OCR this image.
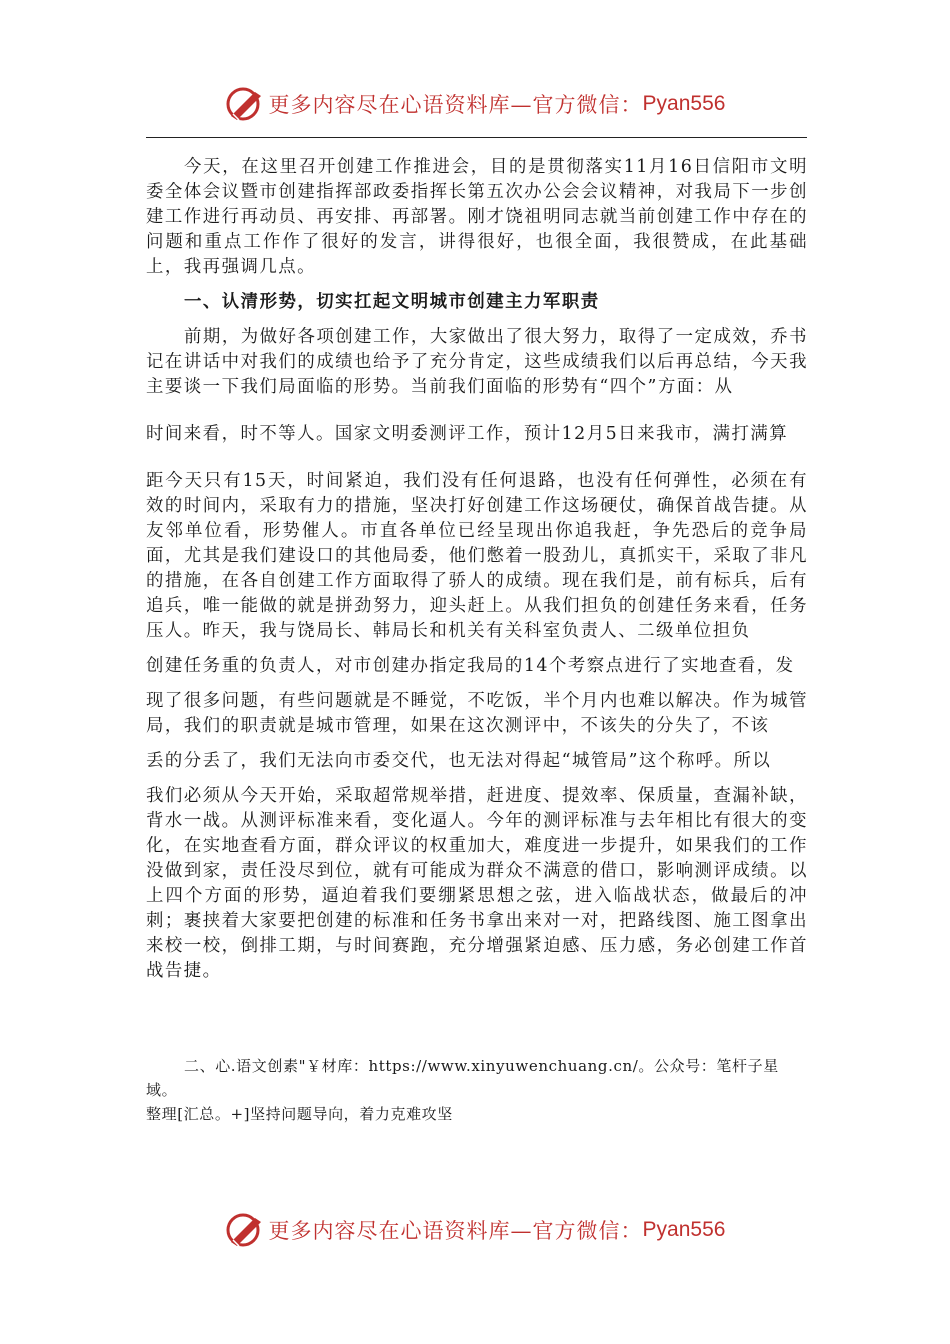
更多内容尽在心语资料库—官方微信： Pyan556

今天，在这里召开创建工作推进会，目的是贯彻落实11月16日信阳市文明委全体会议暨市创建指挥部政委指挥长第五次办公会会议精神，对我局下一步创建工作进行再动员、再安排、再部署。刚才饶祖明同志就当前创建工作中存在的问题和重点工作作了很好的发言，讲得很好，也很全面，我很赞成，在此基础上，我再强调几点。

一、认清形势，切实扛起文明城市创建主力军职责

前期，为做好各项创建工作，大家做出了很大努力，取得了一定成效，乔书记在讲话中对我们的成绩也给予了充分肯定，这些成绩我们以后再总结，今天我主要谈一下我们局面临的形势。当前我们面临的形势有“四个”方面：从

时间来看，时不等人。国家文明委测评工作，预计12月5日来我市，满打满算

距今天只有15天，时间紧迫，我们没有任何退路，也没有任何弹性，必须在有效的时间内，采取有力的措施，坚决打好创建工作这场硬仗，确保首战告捷。从友邻单位看，形势催人。市直各单位已经呈现出你追我赶，争先恐后的竞争局面，尤其是我们建设口的其他局委，他们憋着一股劲儿，真抓实干，采取了非凡的措施，在各自创建工作方面取得了骄人的成绩。现在我们是，前有标兵，后有追兵，唯一能做的就是拼劲努力，迎头赶上。从我们担负的创建任务来看，任务压人。昨天，我与饶局长、韩局长和机关有关科室负责人、二级单位担负

创建任务重的负责人，对市创建办指定我局的14个考察点进行了实地查看，发

现了很多问题，有些问题就是不睡觉，不吃饭，半个月内也难以解决。作为城管局，我们的职责就是城市管理，如果在这次测评中，不该失的分失了，不该

丢的分丢了，我们无法向市委交代，也无法对得起“城管局”这个称呼。所以

我们必须从今天开始，采取超常规举措，赶进度、提效率、保质量，查漏补缺，背水一战。从测评标准来看，变化逼人。今年的测评标准与去年相比有很大的变化，在实地查看方面，群众评议的权重加大，难度进一步提升，如果我们的工作没做到家，责任没尽到位，就有可能成为群众不满意的借口，影响测评成绩。以上四个方面的形势，逼迫着我们要绷紧思想之弦，进入临战状态，做最后的冲刺；裹挟着大家要把创建的标准和任务书拿出来对一对，把路线图、施工图拿出来校一校，倒排工期，与时间赛跑，充分增强紧迫感、压力感，务必创建工作首战告捷。

二、心.语文创素"￥材库：https://www.xinyuwenchuang.cn/。公众号：笔杆子星域。
整理[汇总。+]坚持问题导向，着力克难攻坚
更多内容尽在心语资料库—官方微信： Pyan556
